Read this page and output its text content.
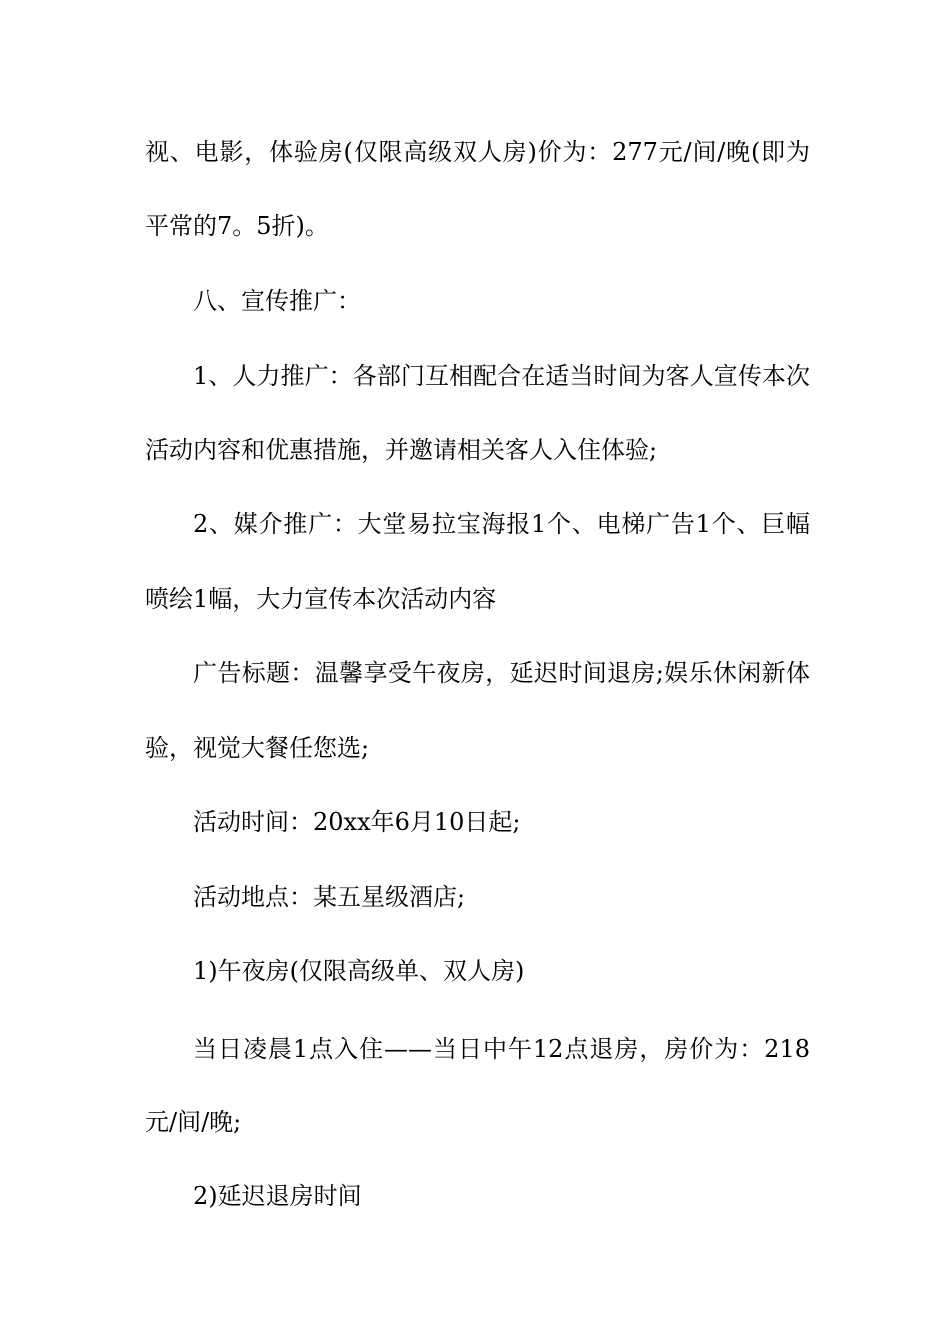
视、电影，体验房(仅限高级双人房)价为：277元/间/晚(即为
平常的7。5折)。
八、宣传推广：
1、人力推广：各部门互相配合在适当时间为客人宣传本次
活动内容和优惠措施，并邀请相关客人入住体验;
2、媒介推广：大堂易拉宝海报1个、电梯广告1个、巨幅
喷绘1幅，大力宣传本次活动内容
广告标题：温馨享受午夜房，延迟时间退房;娱乐休闲新体
验，视觉大餐任您选;
活动时间：20xx年6月10日起;
活动地点：某五星级酒店;
1)午夜房(仅限高级单、双人房)
当日凌晨1点入住——当日中午12点退房，房价为：218
元/间/晚;
2)延迟退房时间
